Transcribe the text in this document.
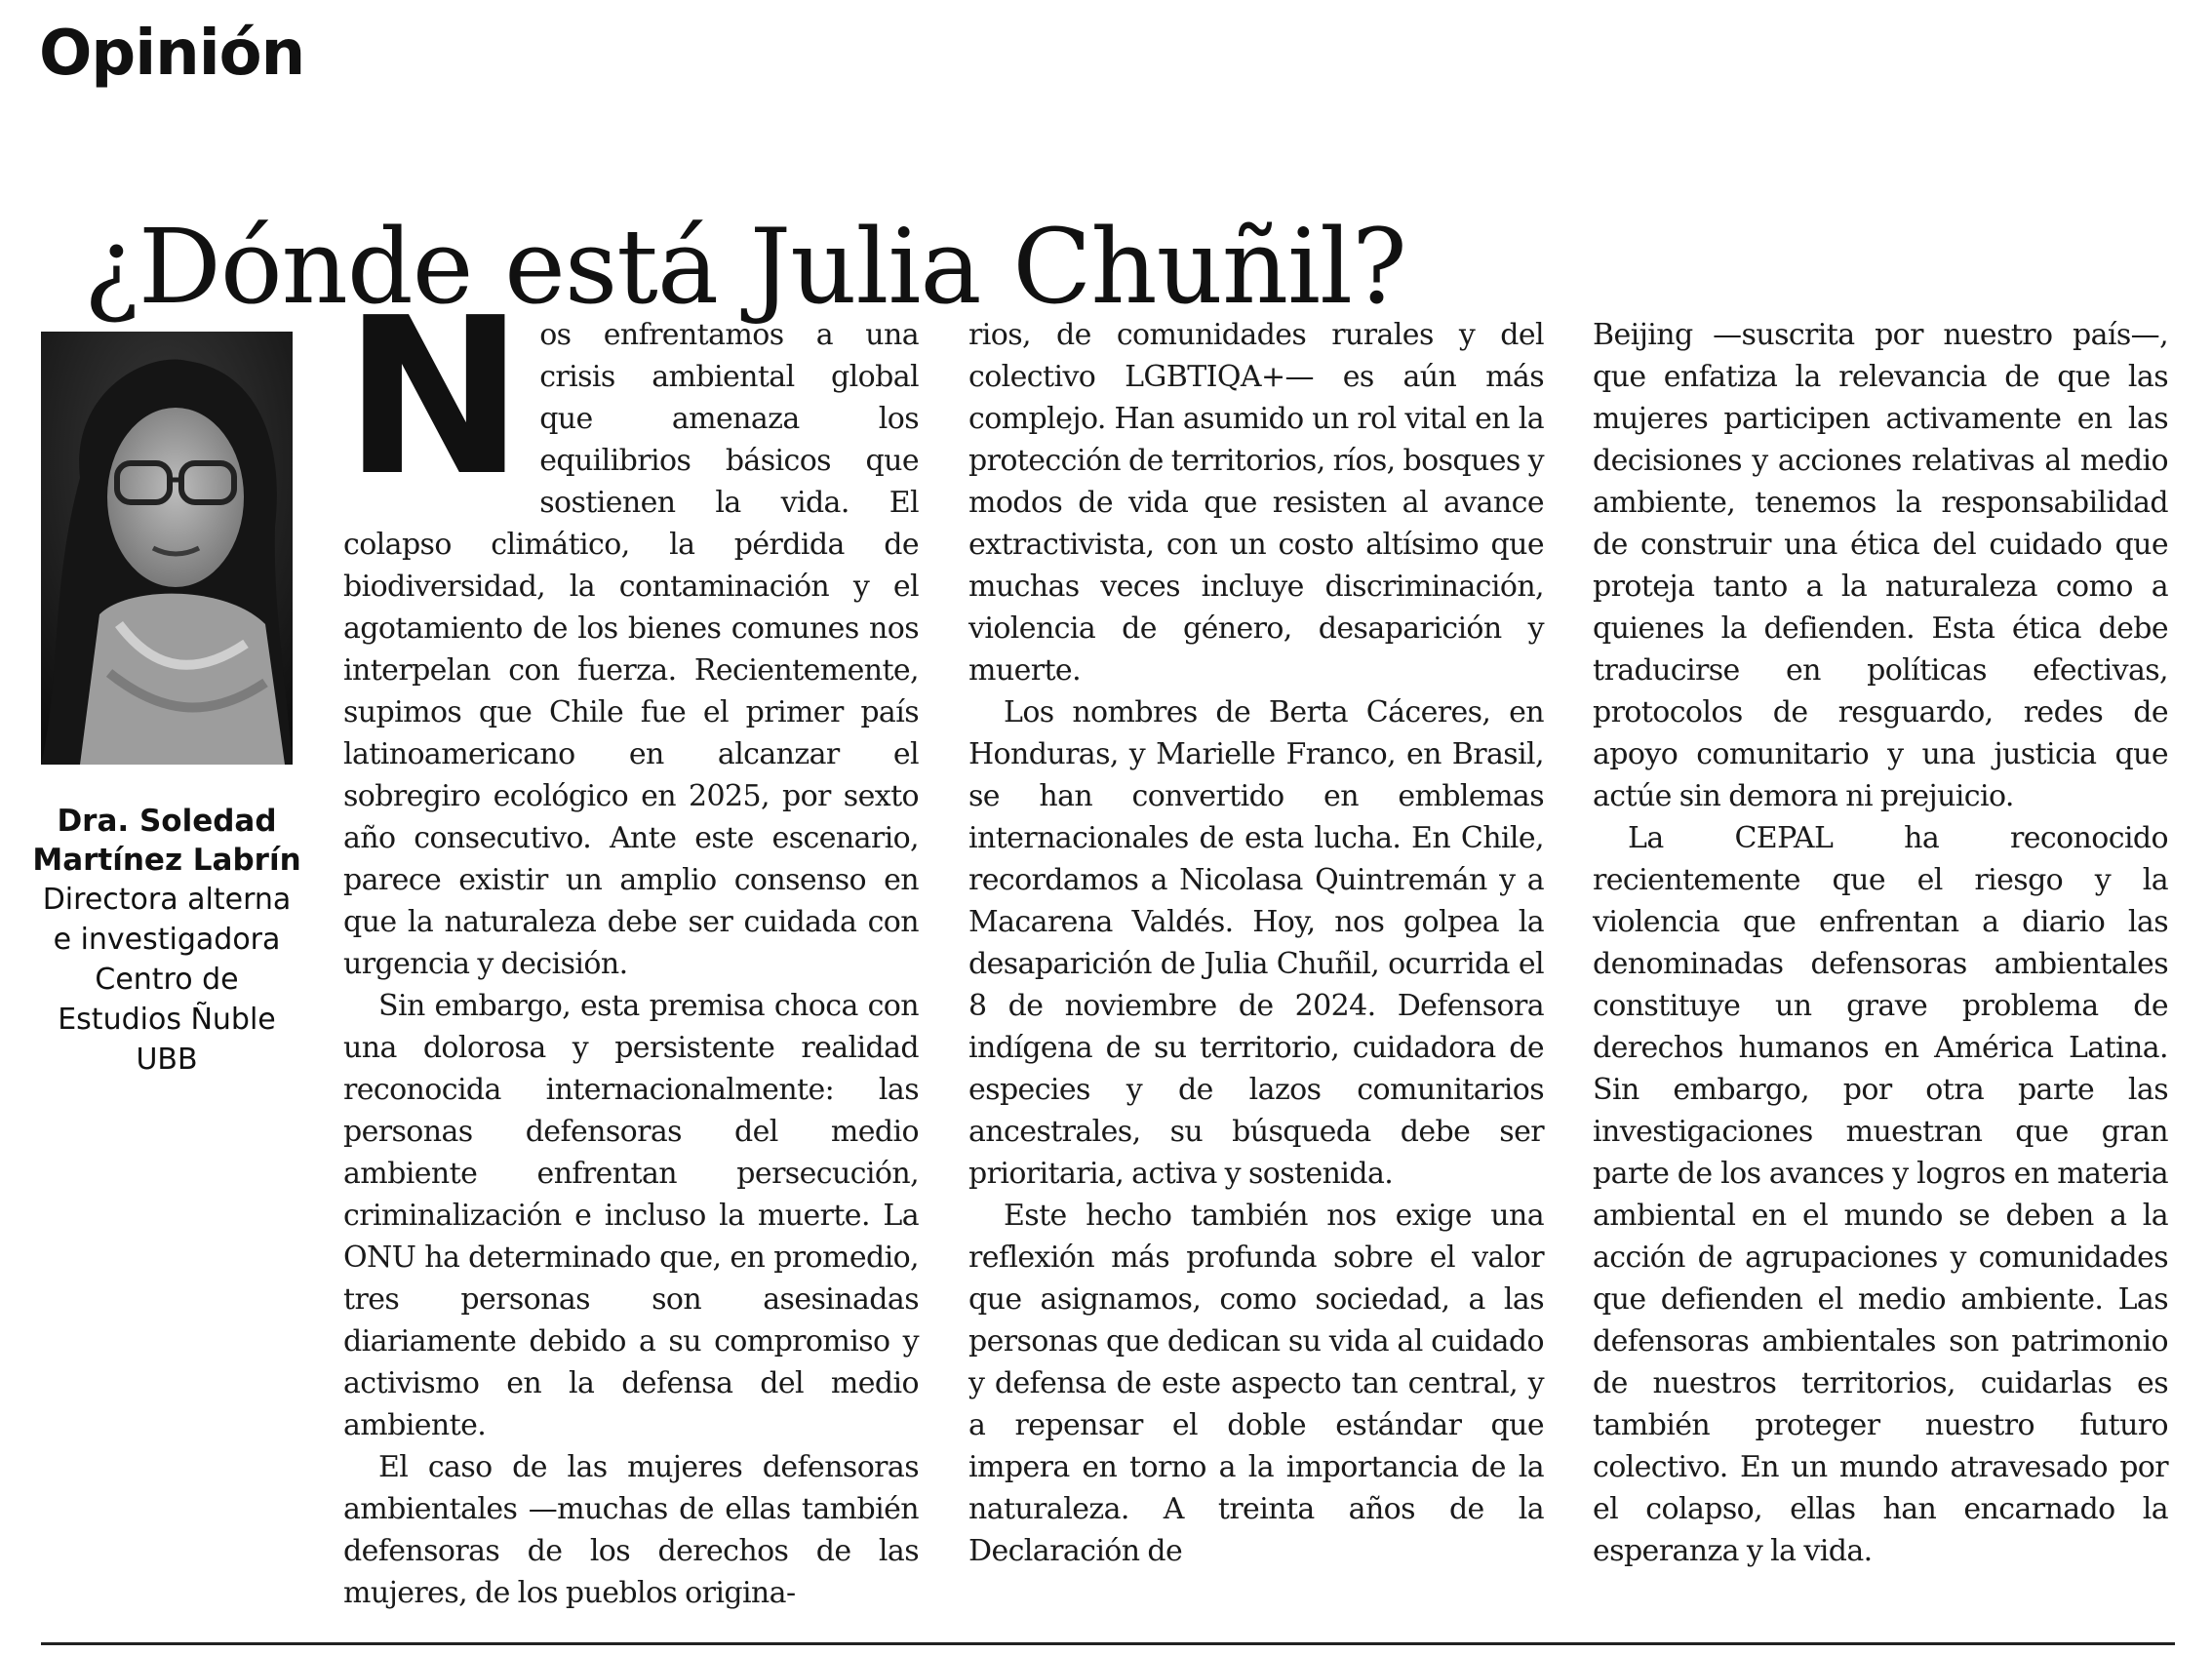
Opinión
¿Dónde está Julia Chuñil?
Dra. Soledad Martínez Labrín
Directora alterna e investigadora Centro de Estudios Ñuble UBB

Nos enfrentamos a una crisis ambiental global que amenaza los equilibrios básicos que sostienen la vida. El colapso climático, la pérdida de biodiversidad, la contaminación y el agotamiento de los bienes comunes nos interpelan con fuerza. Recientemente, supimos que Chile fue el primer país latinoamericano en alcanzar el sobregiro ecológico en 2025, por sexto año consecutivo. Ante este escenario, parece existir un amplio consenso en que la naturaleza debe ser cuidada con urgencia y decisión.

Sin embargo, esta premisa choca con una dolorosa y persistente realidad reconocida internacionalmente: las personas defensoras del medio ambiente enfrentan persecución, criminalización e incluso la muerte. La ONU ha determinado que, en promedio, tres personas son asesinadas diariamente debido a su compromiso y activismo en la defensa del medio ambiente.

El caso de las mujeres defensoras ambientales —muchas de ellas también defensoras de los derechos de las mujeres, de los pueblos origina-

rios, de comunidades rurales y del colectivo LGBTIQA+— es aún más complejo. Han asumido un rol vital en la protección de territorios, ríos, bosques y modos de vida que resisten al avance extractivista, con un costo altísimo que muchas veces incluye discriminación, violencia de género, desaparición y muerte.

Los nombres de Berta Cáceres, en Honduras, y Marielle Franco, en Brasil, se han convertido en emblemas internacionales de esta lucha. En Chile, recordamos a Nicolasa Quintremán y a Macarena Valdés. Hoy, nos golpea la desaparición de Julia Chuñil, ocurrida el 8 de noviembre de 2024. Defensora indígena de su territorio, cuidadora de especies y de lazos comunitarios ancestrales, su búsqueda debe ser prioritaria, activa y sostenida.

Este hecho también nos exige una reflexión más profunda sobre el valor que asignamos, como sociedad, a las personas que dedican su vida al cuidado y defensa de este aspecto tan central, y a repensar el doble estándar que impera en torno a la importancia de la naturaleza. A treinta años de la Declaración de

Beijing —suscrita por nuestro país—, que enfatiza la relevancia de que las mujeres participen activamente en las decisiones y acciones relativas al medio ambiente, tenemos la responsabilidad de construir una ética del cuidado que proteja tanto a la naturaleza como a quienes la defienden. Esta ética debe traducirse en políticas efectivas, protocolos de resguardo, redes de apoyo comunitario y una justicia que actúe sin demora ni prejuicio.

La CEPAL ha reconocido recientemente que el riesgo y la violencia que enfrentan a diario las denominadas defensoras ambientales constituye un grave problema de derechos humanos en América Latina. Sin embargo, por otra parte las investigaciones muestran que gran parte de los avances y logros en materia ambiental en el mundo se deben a la acción de agrupaciones y comunidades que defienden el medio ambiente. Las defensoras ambientales son patrimonio de nuestros territorios, cuidarlas es también proteger nuestro futuro colectivo. En un mundo atravesado por el colapso, ellas han encarnado la esperanza y la vida.
